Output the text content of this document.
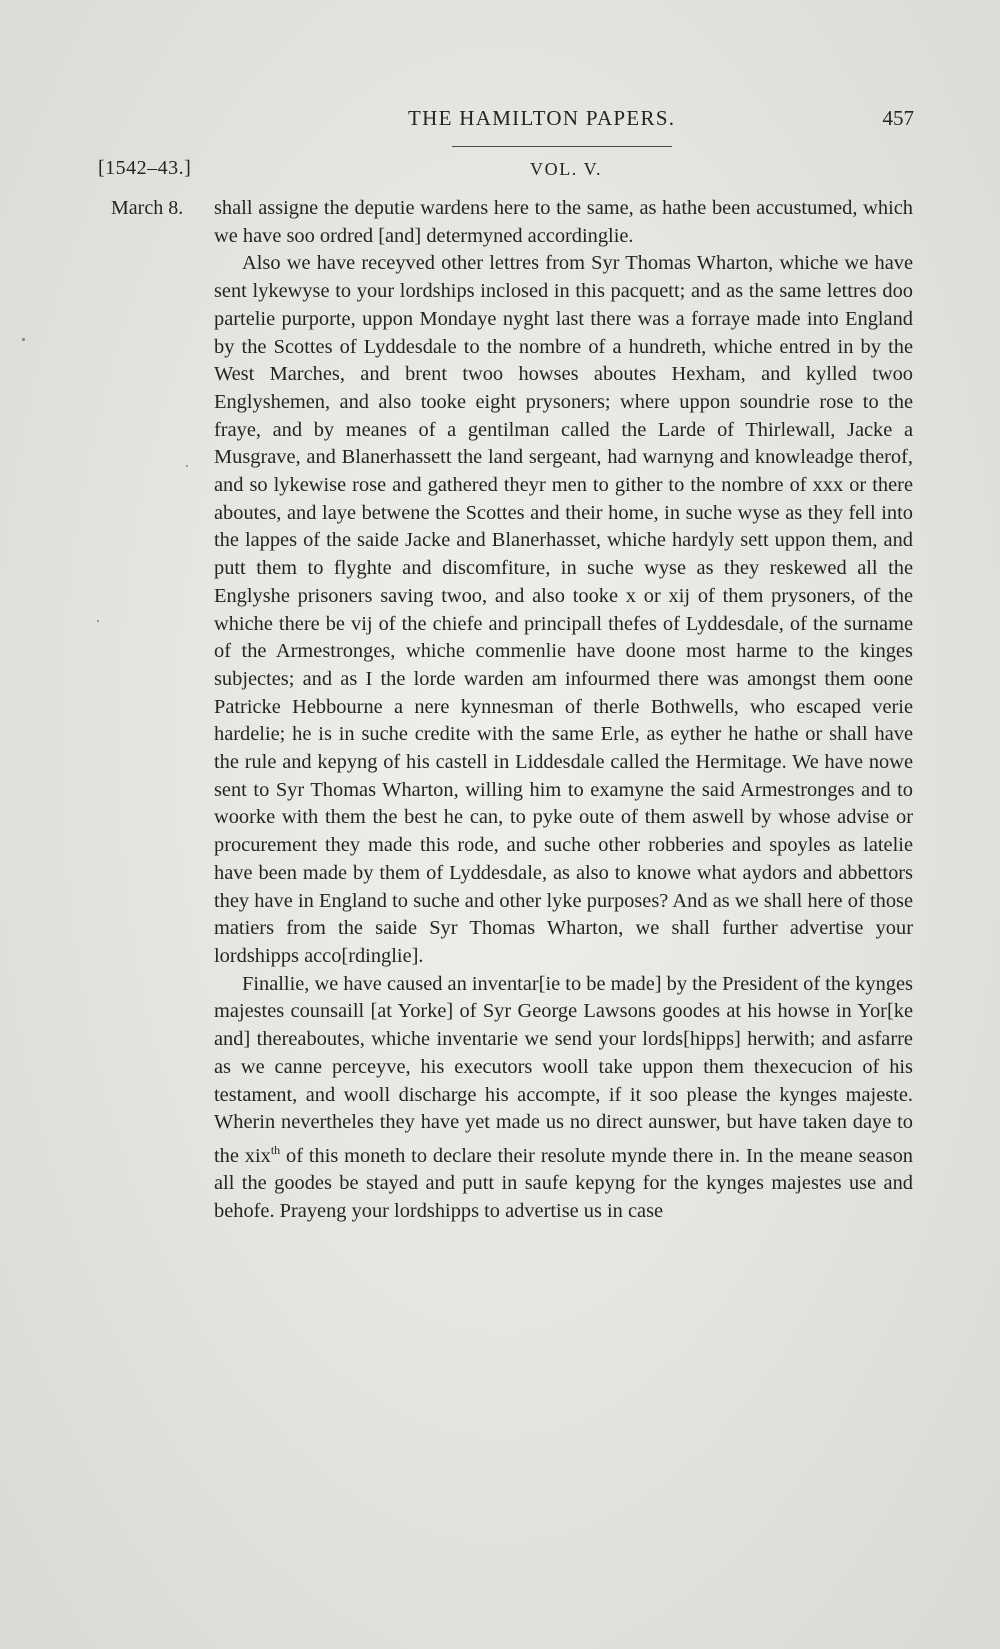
THE HAMILTON PAPERS.	457
[1542–43.]	VOL. V.
March 8. shall assigne the deputie wardens here to the same, as hathe been accustumed, which we have soo ordred [and] determyned accordinglie.

Also we have receyved other lettres from Syr Thomas Wharton, whiche we have sent lykewyse to your lordships inclosed in this pacquett; and as the same lettres doo partelie purporte, uppon Mondaye nyght last there was a forraye made into England by the Scottes of Lyddesdale to the nombre of a hundreth, whiche entred in by the West Marches, and brent twoo howses aboutes Hexham, and kylled twoo Englyshemen, and also tooke eight prysoners; where uppon soundrie rose to the fraye, and by meanes of a gentilman called the Larde of Thirlewall, Jacke a Musgrave, and Blanerhassett the land sergeant, had warnyng and knowleadge therof, and so lykewise rose and gathered theyr men to gither to the nombre of xxx or there aboutes, and laye betwene the Scottes and their home, in suche wyse as they fell into the lappes of the saide Jacke and Blanerhasset, whiche hardyly sett uppon them, and putt them to flyghte and discomfiture, in suche wyse as they reskewed all the Englyshe prisoners saving twoo, and also tooke x or xij of them prysoners, of the whiche there be vij of the chiefe and principall thefes of Lyddesdale, of the surname of the Armestronges, whiche commenlie have doone most harme to the kinges subjectes; and as I the lorde warden am infourmed there was amongst them oone Patricke Hebbourne a nere kynnesman of therle Bothwells, who escaped verie hardelie; he is in suche credite with the same Erle, as eyther he hathe or shall have the rule and kepyng of his castell in Liddesdale called the Hermitage. We have nowe sent to Syr Thomas Wharton, willing him to examyne the said Armestronges and to woorke with them the best he can, to pyke oute of them aswell by whose advise or procurement they made this rode, and suche other robberies and spoyles as latelie have been made by them of Lyddesdale, as also to knowe what aydors and abbettors they have in England to suche and other lyke purposes? And as we shall here of those matiers from the saide Syr Thomas Wharton, we shall further advertise your lordshipps acco[rdinglie].

Finallie, we have caused an inventar[ie to be made] by the President of the kynges majestes counsaill [at Yorke] of Syr George Lawsons goodes at his howse in Yor[ke and] thereaboutes, whiche inventarie we send your lords[hipps] herwith; and asfarre as we canne perceyve, his executors wooll take uppon them thexecucion of his testament, and wooll discharge his accompte, if it soo please the kynges majeste. Wherin nevertheles they have yet made us no direct aunswer, but have taken daye to the xix$^{th}$ of this moneth to declare their resolute mynde there in. In the meane season all the goodes be stayed and putt in saufe kepyng for the kynges majestes use and behofe. Prayeng your lordshipps to advertise us in case
